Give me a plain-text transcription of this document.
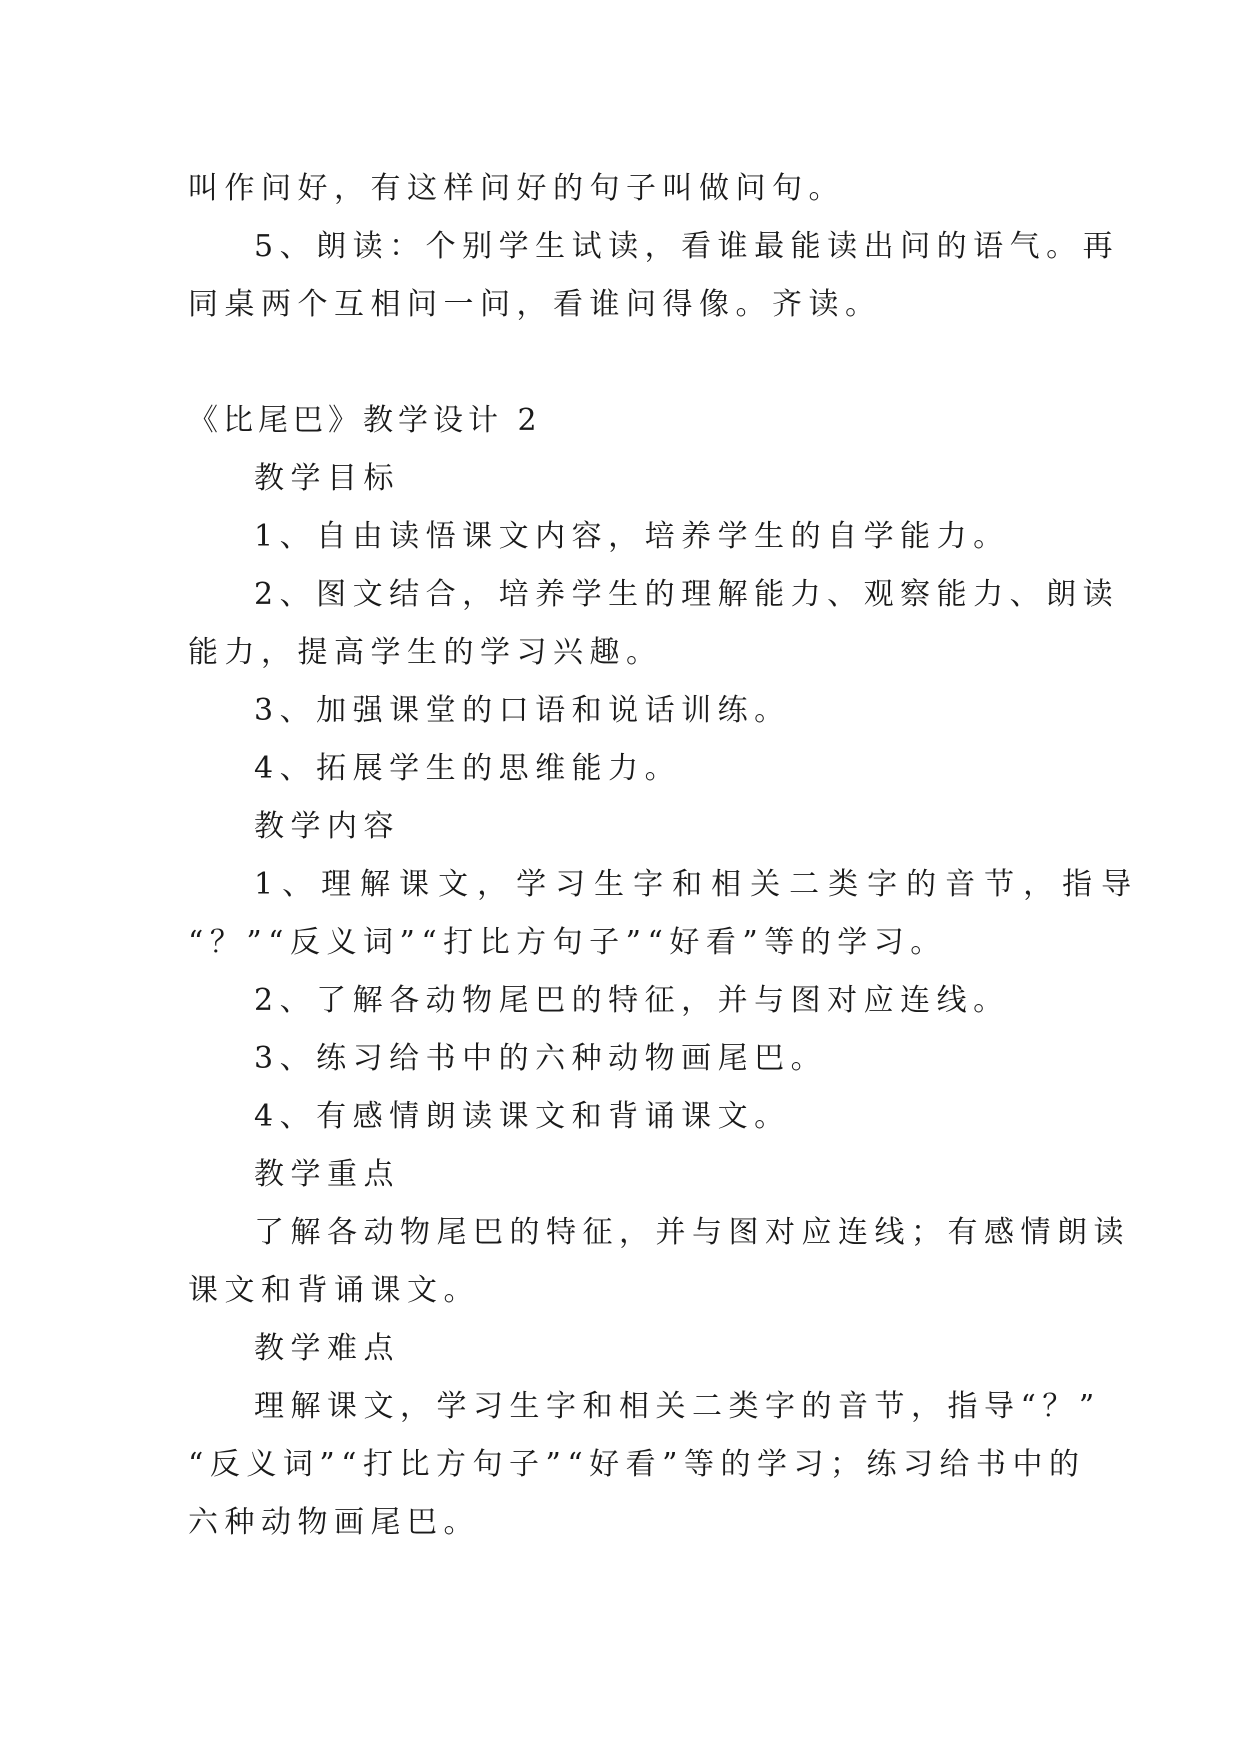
叫作问好，有这样问好的句子叫做问句。

5、朗读：个别学生试读，看谁最能读出问的语气。再

同桌两个互相问一问，看谁问得像。齐读。

《比尾巴》教学设计 2

教学目标

1、自由读悟课文内容，培养学生的自学能力。

2、图文结合，培养学生的理解能力、观察能力、朗读

能力，提高学生的学习兴趣。

3、加强课堂的口语和说话训练。

4、拓展学生的思维能力。

教学内容

1、理解课文，学习生字和相关二类字的音节，指导

“？”“反义词”“打比方句子”“好看”等的学习。

2、了解各动物尾巴的特征，并与图对应连线。

3、练习给书中的六种动物画尾巴。

4、有感情朗读课文和背诵课文。

教学重点

了解各动物尾巴的特征，并与图对应连线；有感情朗读

课文和背诵课文。

教学难点

理解课文，学习生字和相关二类字的音节，指导“？”

“反义词”“打比方句子”“好看”等的学习；练习给书中的

六种动物画尾巴。
